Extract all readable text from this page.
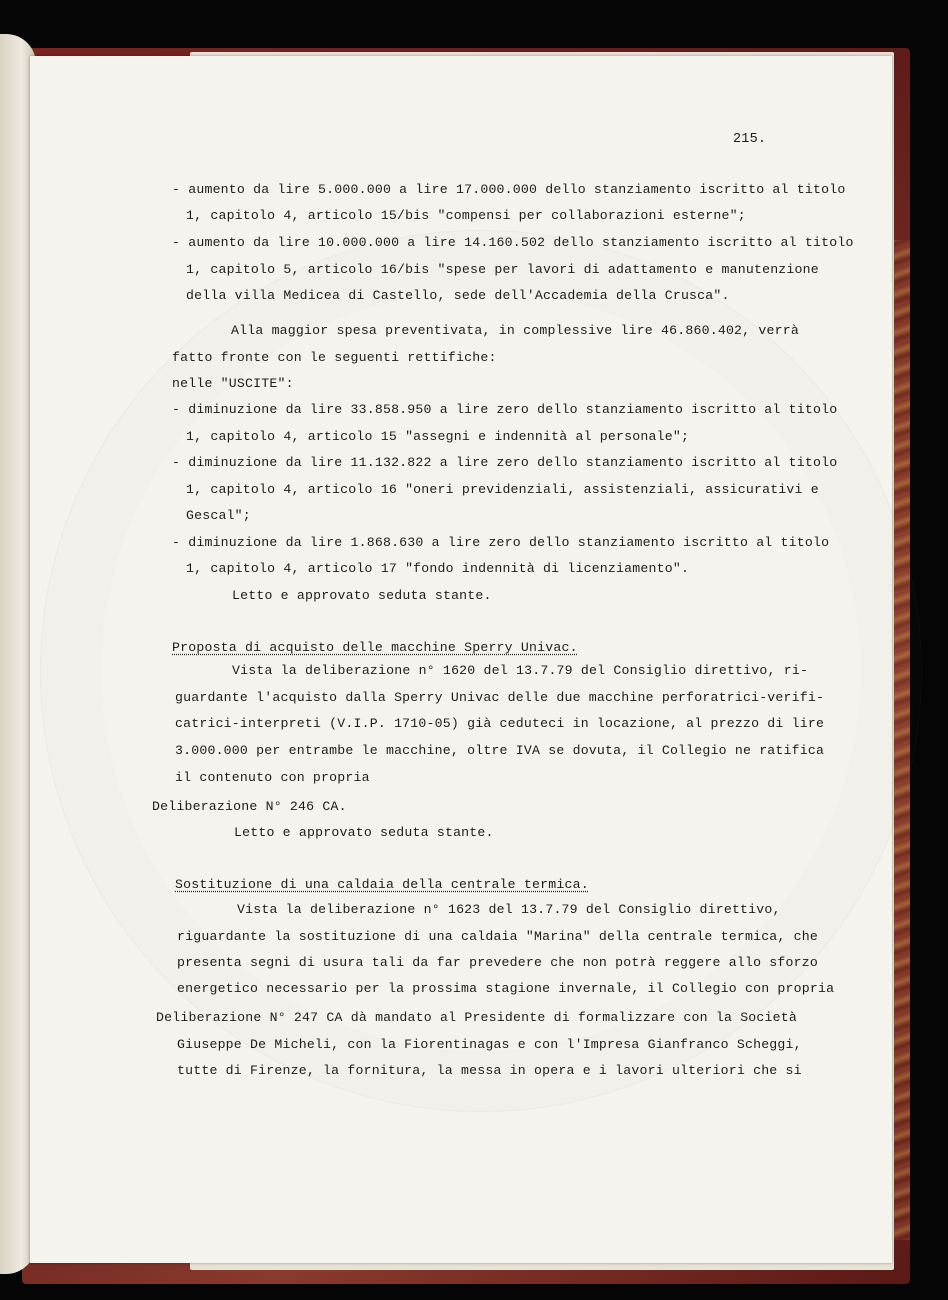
215.
- aumento da lire 5.000.000 a lire 17.000.000 dello stanziamento iscritto al titolo
1, capitolo 4, articolo 15/bis "compensi per collaborazioni esterne";
- aumento da lire 10.000.000 a lire 14.160.502 dello stanziamento iscritto al titolo
1, capitolo 5, articolo 16/bis "spese per lavori di adattamento e manutenzione
della villa Medicea di Castello, sede dell'Accademia della Crusca".
Alla maggior spesa preventivata, in complessive lire 46.860.402, verrà
fatto fronte con le seguenti rettifiche:
nelle "USCITE":
- diminuzione da lire 33.858.950 a lire zero dello stanziamento iscritto al titolo
1, capitolo 4, articolo 15 "assegni e indennità al personale";
- diminuzione da lire 11.132.822 a lire zero dello stanziamento iscritto al titolo
1, capitolo 4, articolo 16 "oneri previdenziali, assistenziali, assicurativi e
Gescal";
- diminuzione da lire 1.868.630 a lire zero dello stanziamento iscritto al titolo
1, capitolo 4, articolo 17 "fondo indennità di licenziamento".
Letto e approvato seduta stante.
Proposta di acquisto delle macchine Sperry Univac.
Vista la deliberazione n° 1620 del 13.7.79 del Consiglio direttivo, ri-
guardante l'acquisto dalla Sperry Univac delle due macchine perforatrici-verifi-
catrici-interpreti (V.I.P. 1710-05) già ceduteci in locazione, al prezzo di lire
3.000.000 per entrambe le macchine, oltre IVA se dovuta, il Collegio ne ratifica
il contenuto con propria
Deliberazione N° 246 CA.
Letto e approvato seduta stante.
Sostituzione di una caldaia della centrale termica.
Vista la deliberazione n° 1623 del 13.7.79 del Consiglio direttivo,
riguardante la sostituzione di una caldaia "Marina" della centrale termica, che
presenta segni di usura tali da far prevedere che non potrà reggere allo sforzo
energetico necessario per la prossima stagione invernale, il Collegio con propria
Deliberazione N° 247 CA dà mandato al Presidente di formalizzare con la Società
Giuseppe De Micheli, con la Fiorentinagas e con l'Impresa Gianfranco Scheggi,
tutte di Firenze, la fornitura, la messa in opera e i lavori ulteriori che si
